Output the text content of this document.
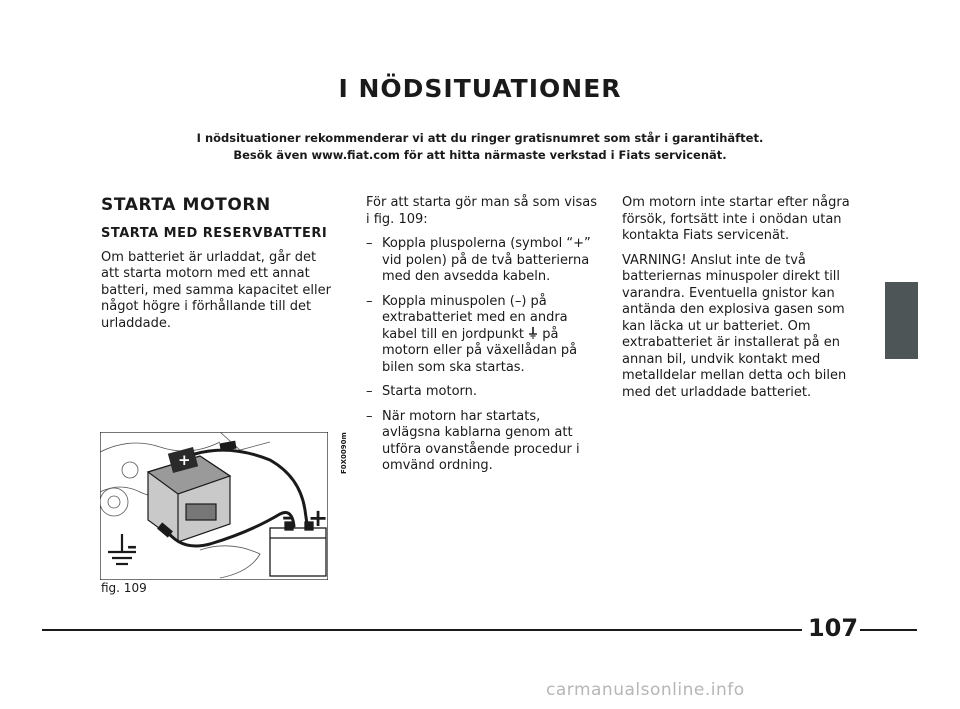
I NÖDSITUATIONER
I nödsituationer rekommenderar vi att du ringer gratisnumret som står i garantihäftet.
Besök även www.fiat.com för att hitta närmaste verkstad i Fiats servicenät.
STARTA MOTORN
STARTA MED RESERVBATTERI

Om batteriet är urladdat, går det att starta motorn med ett annat batteri, med samma kapacitet eller något högre i förhållande till det urladdade.

För att starta gör man så som visas i fig. 109:

– Koppla pluspolerna (symbol “+” vid polen) på de två batterierna med den avsedda kabeln.
– Koppla minuspolen (–) på extrabatteriet med en andra kabel till en jordpunkt på motorn eller på växellådan på bilen som ska startas.
– Starta motorn.
– När motorn har startats, avlägsna kablarna genom att utföra ovanstående procedur i omvänd ordning.

Om motorn inte startar efter några försök, fortsätt inte i onödan utan kontakta Fiats servicenät.

VARNING! Anslut inte de två batteriernas minuspoler direkt till varandra. Eventuella gnistor kan antända den explosiva gasen som kan läcka ut ur batteriet. Om extrabatteriet är installerat på en annan bil, undvik kontakt med metalldelar mellan detta och bilen med det urladdade batteriet.

+
– +
–
F0X0090m
fig. 109
107
carmanualsonline.info
